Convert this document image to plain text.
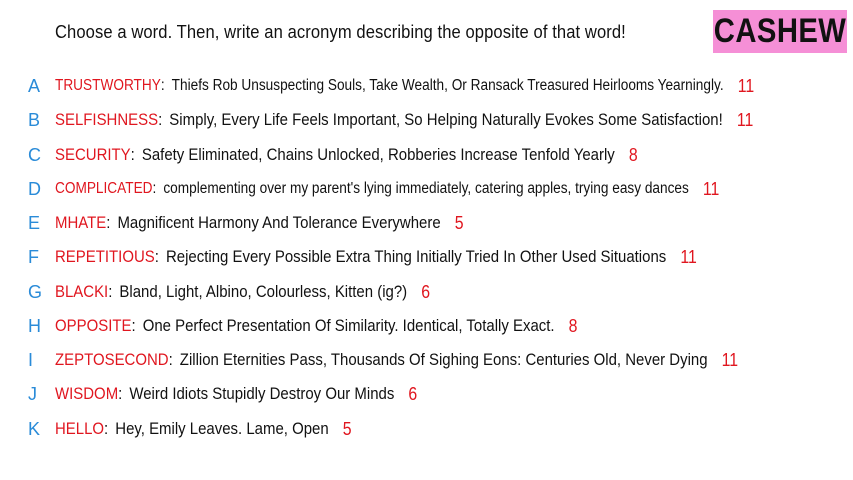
Choose a word. Then, write an acronym describing the opposite of that word!	CASHEW
A TRUSTWORTHY : Thiefs Rob Unsuspecting Souls, Take Wealth, Or Ransack Treasured Heirlooms Yearningly. 11
B SELFISHNESS : Simply, Every Life Feels Important, So Helping Naturally Evokes Some Satisfaction! 11
C SECURITY : Safety Eliminated, Chains Unlocked, Robberies Increase Tenfold Yearly 8
D COMPLICATED : complementing over my parent's lying immediately, catering apples, trying easy dances 11
E MHATE : Magnificent Harmony And Tolerance Everywhere 5
F REPETITIOUS : Rejecting Every Possible Extra Thing Initially Tried In Other Used Situations 11
G BLACKI : Bland, Light, Albino, Colourless, Kitten (ig?) 6
H OPPOSITE : One Perfect Presentation Of Similarity. Identical, Totally Exact. 8
I	ZEPTOSECOND : Zillion Eternities Pass, Thousands Of Sighing Eons: Centuries Old, Never Dying 11
J	WISDOM : Weird Idiots Stupidly Destroy Our Minds 6
K HELLO : Hey, Emily Leaves. Lame, Open 5
